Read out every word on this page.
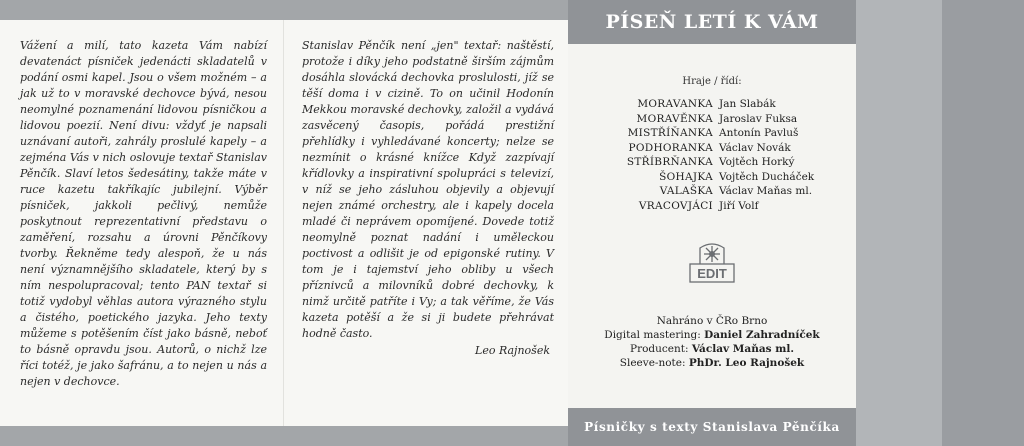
Vážení a milí, tato kazeta Vám nabízí devatenáct písniček jedenácti skladatelů v podání osmi kapel. Jsou o všem možném – a jak už to v moravské dechovce bývá, nesou neomylné poznamenání lidovou písničkou a lidovou poezií. Není divu: vždyť je napsali uznávaní autoři, zahrály proslulé kapely – a zejména Vás v nich oslovuje textař Stanislav Pěnčík. Slaví letos šedesátiny, takže máte v ruce kazetu takříkajíc jubilejní. Výběr písniček, jakkoli pečlivý, nemůže poskytnout reprezentativní představu o zaměření, rozsahu a úrovni Pěnčíkovy tvorby. Řekněme tedy alespoň, že u nás není významnějšího skladatele, který by s ním nespolupracoval; tento PAN textař si totiž vydobyl věhlas autora výrazného stylu a čistého, poetického jazyka. Jeho texty můžeme s potěšením číst jako básně, neboť to básně opravdu jsou. Autorů, o nichž lze říci totéž, je jako šafránu, a to nejen u nás a nejen v dechovce.

Stanislav Pěnčík není „jen" textař: naštěstí, protože i díky jeho podstatně širším zájmům dosáhla slovácká dechovka proslulosti, jíž se těší doma i v cizině. To on učinil Hodonín Mekkou moravské dechovky, založil a vydává zasvěcený časopis, pořádá prestižní přehlídky i vyhledávané koncerty; nelze se nezmínit o krásné knížce Když zazpívají křídlovky a inspirativní spolupráci s televizí, v níž se jeho zásluhou objevily a objevují nejen známé orchestry, ale i kapely docela mladé či neprávem opomíjené. Dovede totiž neomylně poznat nadání i uměleckou poctivost a odlišit je od epigonské rutiny. V tom je i tajemství jeho obliby u všech příznivců a milovníků dobré dechovky, k nimž určitě patříte i Vy; a tak věříme, že Vás kazeta potěší a že si ji budete přehrávat hodně často.

Leo Rajnošek
PÍSEŇ LETÍ K VÁM
Hraje / řídí:
MORAVANKA	Jan Slabák
MORAVĚNKA	Jaroslav Fuksa
MISTŘÍŇANKA	Antonín Pavluš
PODHORANKA	Václav Novák
STŘÍBRŇANKA	Vojtěch Horký
ŠOHAJKA	Vojtěch Ducháček
VALAŠKA	Václav Maňas ml.
VRACOVJÁCI	Jiří Volf
EDIT
Nahráno v ČRo Brno
Digital mastering: Daniel Zahradníček
Producent: Václav Maňas ml.
Sleeve-note: PhDr. Leo Rajnošek
Písničky s texty Stanislava Pěnčíka
